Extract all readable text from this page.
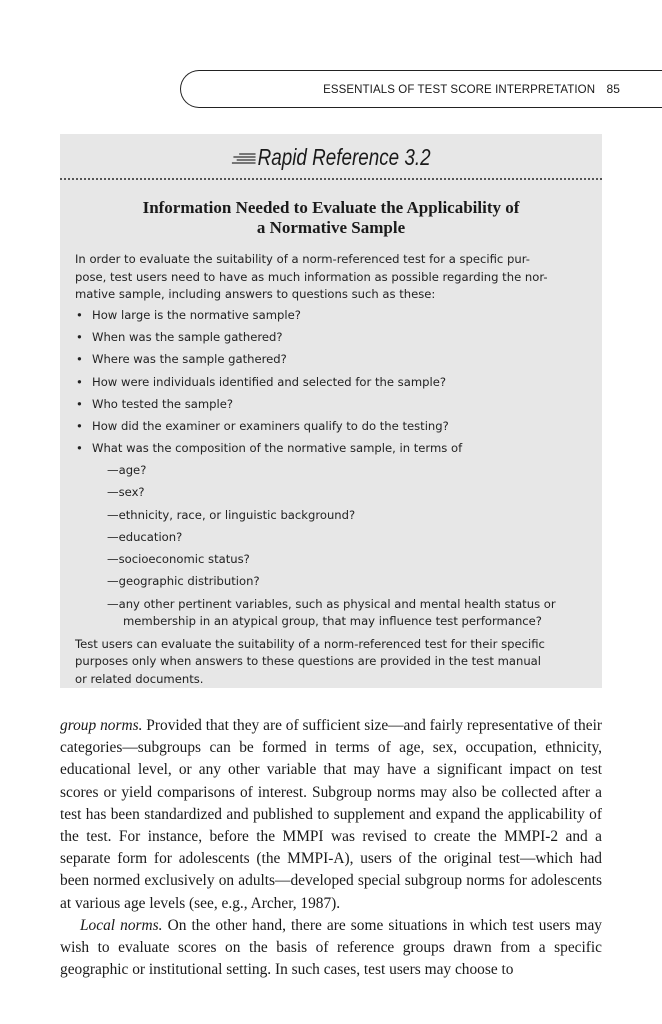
ESSENTIALS OF TEST SCORE INTERPRETATION 85
Rapid Reference 3.2
Information Needed to Evaluate the Applicability of
a Normative Sample

In order to evaluate the suitability of a norm-referenced test for a specific pur-
pose, test users need to have as much information as possible regarding the nor-
mative sample, including answers to questions such as these:

• How large is the normative sample?
• When was the sample gathered?
• Where was the sample gathered?
• How were individuals identified and selected for the sample?
• Who tested the sample?
• How did the examiner or examiners qualify to do the testing?
• What was the composition of the normative sample, in terms of
—age?
—sex?
—ethnicity, race, or linguistic background?
—education?
—socioeconomic status?
—geographic distribution?
—any other pertinent variables, such as physical and mental health status or
membership in an atypical group, that may influence test performance?

Test users can evaluate the suitability of a norm-referenced test for their specific
purposes only when answers to these questions are provided in the test manual
or related documents.

group norms. Provided that they are of sufficient size—and fairly representative of their categories—subgroups can be formed in terms of age, sex, occupation, ethnicity, educational level, or any other variable that may have a significant impact on test scores or yield comparisons of interest. Subgroup norms may also be collected after a test has been standardized and published to supplement and expand the applicability of the test. For instance, before the MMPI was revised to create the MMPI-2 and a separate form for adolescents (the MMPI-A), users of the original test—which had been normed exclusively on adults—developed special subgroup norms for adolescents at various age levels (see, e.g., Archer, 1987).

Local norms. On the other hand, there are some situations in which test users may wish to evaluate scores on the basis of reference groups drawn from a specific geographic or institutional setting. In such cases, test users may choose to
